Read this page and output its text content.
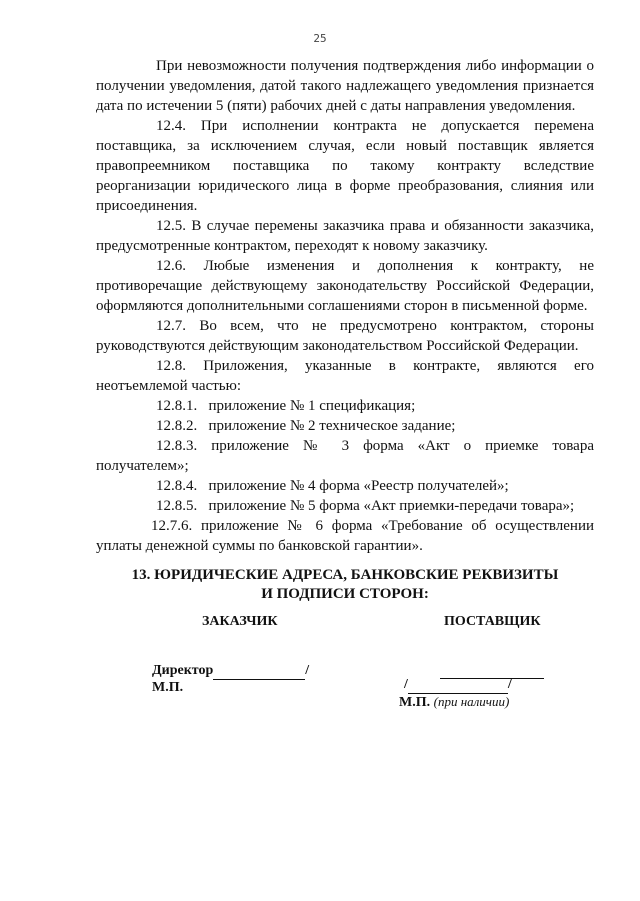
25

При невозможности получения подтверждения либо информации о получении уведомления, датой такого надлежащего уведомления признается дата по истечении 5 (пяти) рабочих дней с даты направления уведомления.

12.4. При исполнении контракта не допускается перемена поставщика, за исключением случая, если новый поставщик является правопреемником поставщика по такому контракту вследствие реорганизации юридического лица в форме преобразования, слияния или присоединения.

12.5. В случае перемены заказчика права и обязанности заказчика, предусмотренные контрактом, переходят к новому заказчику.

12.6. Любые изменения и дополнения к контракту, не противоречащие действующему законодательству Российской Федерации, оформляются дополнительными соглашениями сторон в письменной форме.

12.7. Во всем, что не предусмотрено контрактом, стороны руководствуются действующим законодательством Российской Федерации.

12.8. Приложения, указанные в контракте, являются его неотъемлемой частью:

12.8.1.   приложение № 1 спецификация;

12.8.2.   приложение № 2 техническое задание;

12.8.3. приложение № 3 форма «Акт о приемке товара получателем»;

12.8.4.   приложение № 4 форма «Реестр получателей»;

12.8.5.   приложение № 5 форма «Акт приемки-передачи товара»;

12.7.6. приложение № 6 форма «Требование об осуществлении уплаты денежной суммы по банковской гарантии».

13. ЮРИДИЧЕСКИЕ АДРЕСА, БАНКОВСКИЕ РЕКВИЗИТЫ
И ПОДПИСИ СТОРОН:
ЗАКАЗЧИК	ПОСТАВЩИК
Директор	/
М.П.
	/	/
М.П. (при наличии)
